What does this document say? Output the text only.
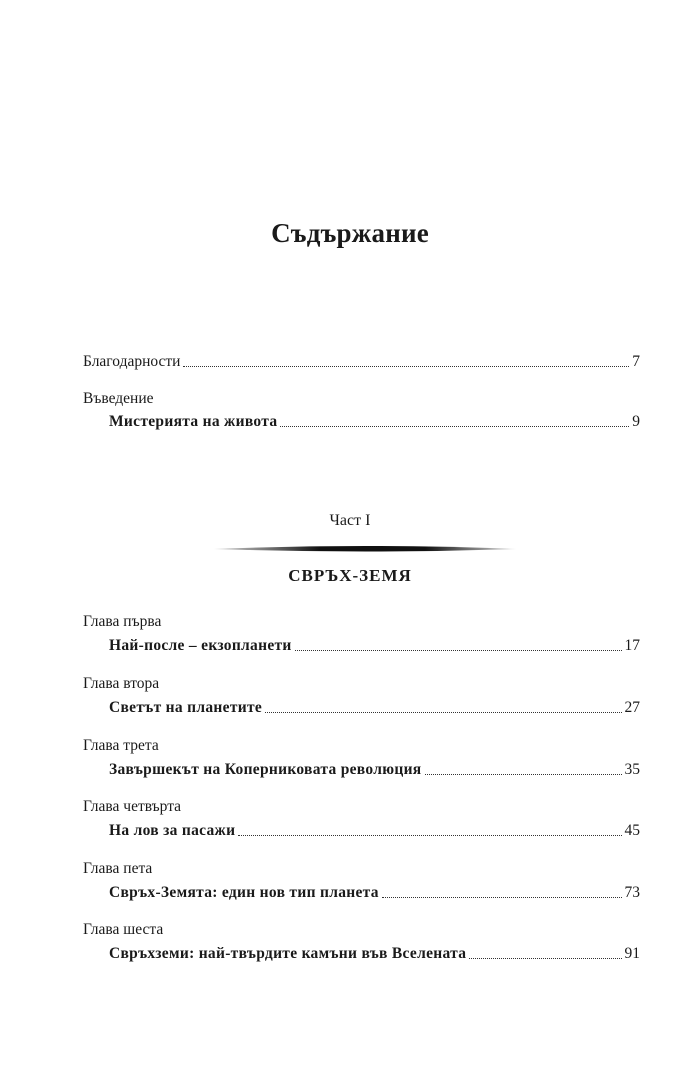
Съдържание
Благодарности	7
Въведение
Мистерията на живота	9
Част I
СВРЪХ-ЗЕМЯ
Глава първа
Най-после – екзопланети	17
Глава втора
Светът на планетите	27
Глава трета
Завършекът на Коперниковата революция	35
Глава четвърта
На лов за пасажи	45
Глава пета
Свръх-Земята: един нов тип планета	73
Глава шеста
Свръхземи: най-твърдите камъни във Вселената	91
